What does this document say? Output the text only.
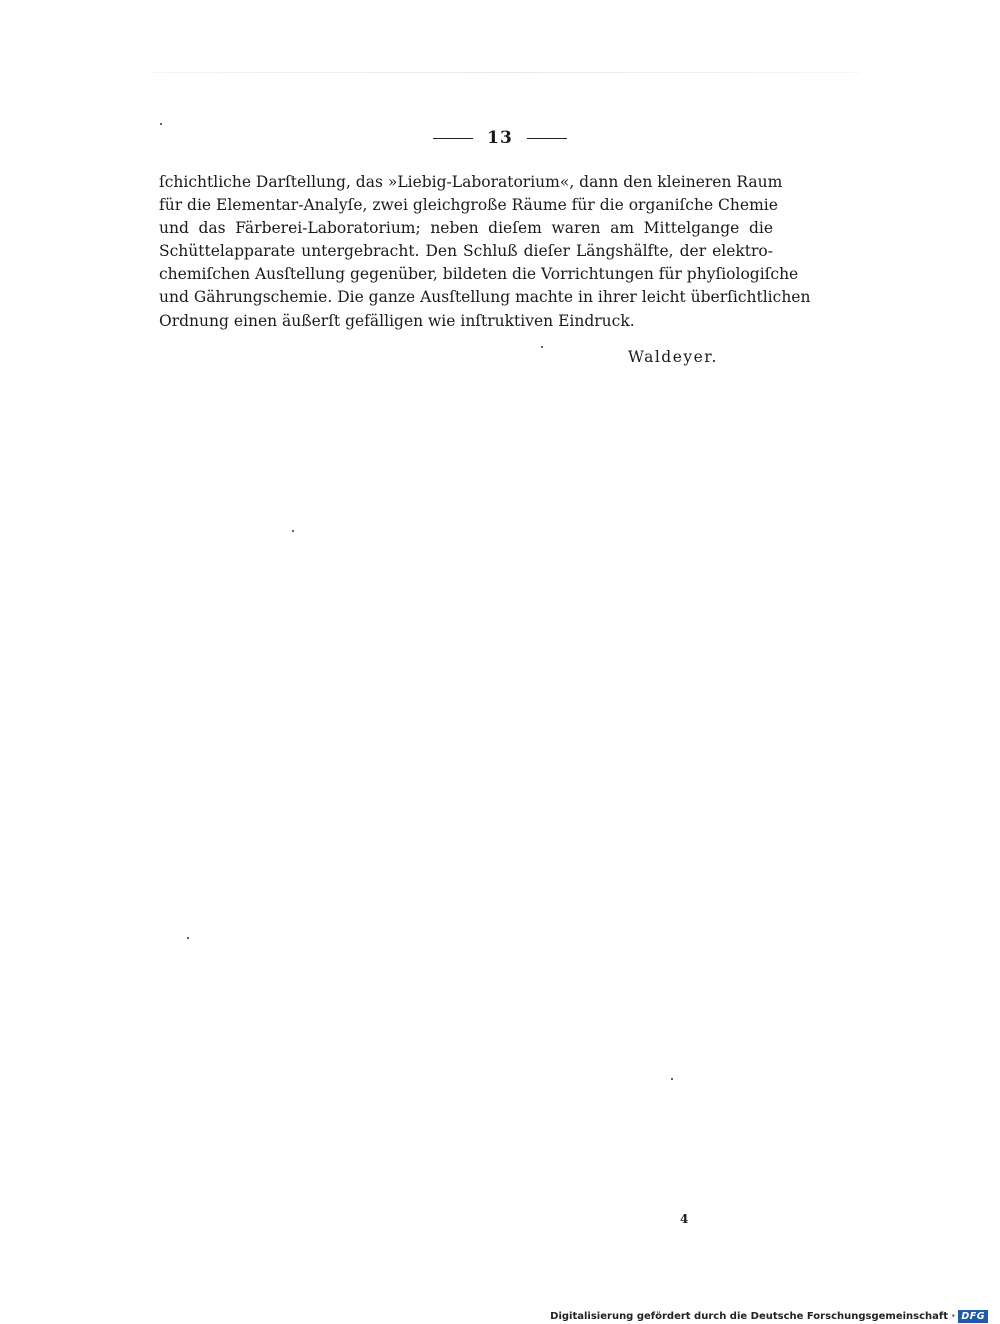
13
ſchichtliche Darſtellung, das »Liebig-Laboratorium«, dann den kleineren Raum
für die Elementar-Analyſe, zwei gleichgroße Räume für die organiſche Chemie
und das Färberei-Laboratorium; neben dieſem waren am Mittelgange die
Schüttelapparate untergebracht. Den Schluß dieſer Längshälfte, der elektro-
chemiſchen Ausſtellung gegenüber, bildeten die Vorrichtungen für phyſiologiſche
und Gährungschemie. Die ganze Ausſtellung machte in ihrer leicht überſichtlichen
Ordnung einen äußerſt gefälligen wie inſtruktiven Eindruck.
Waldeyer.
4
Digitalisierung gefördert durch die Deutsche Forschungsgemeinschaft · DFG
